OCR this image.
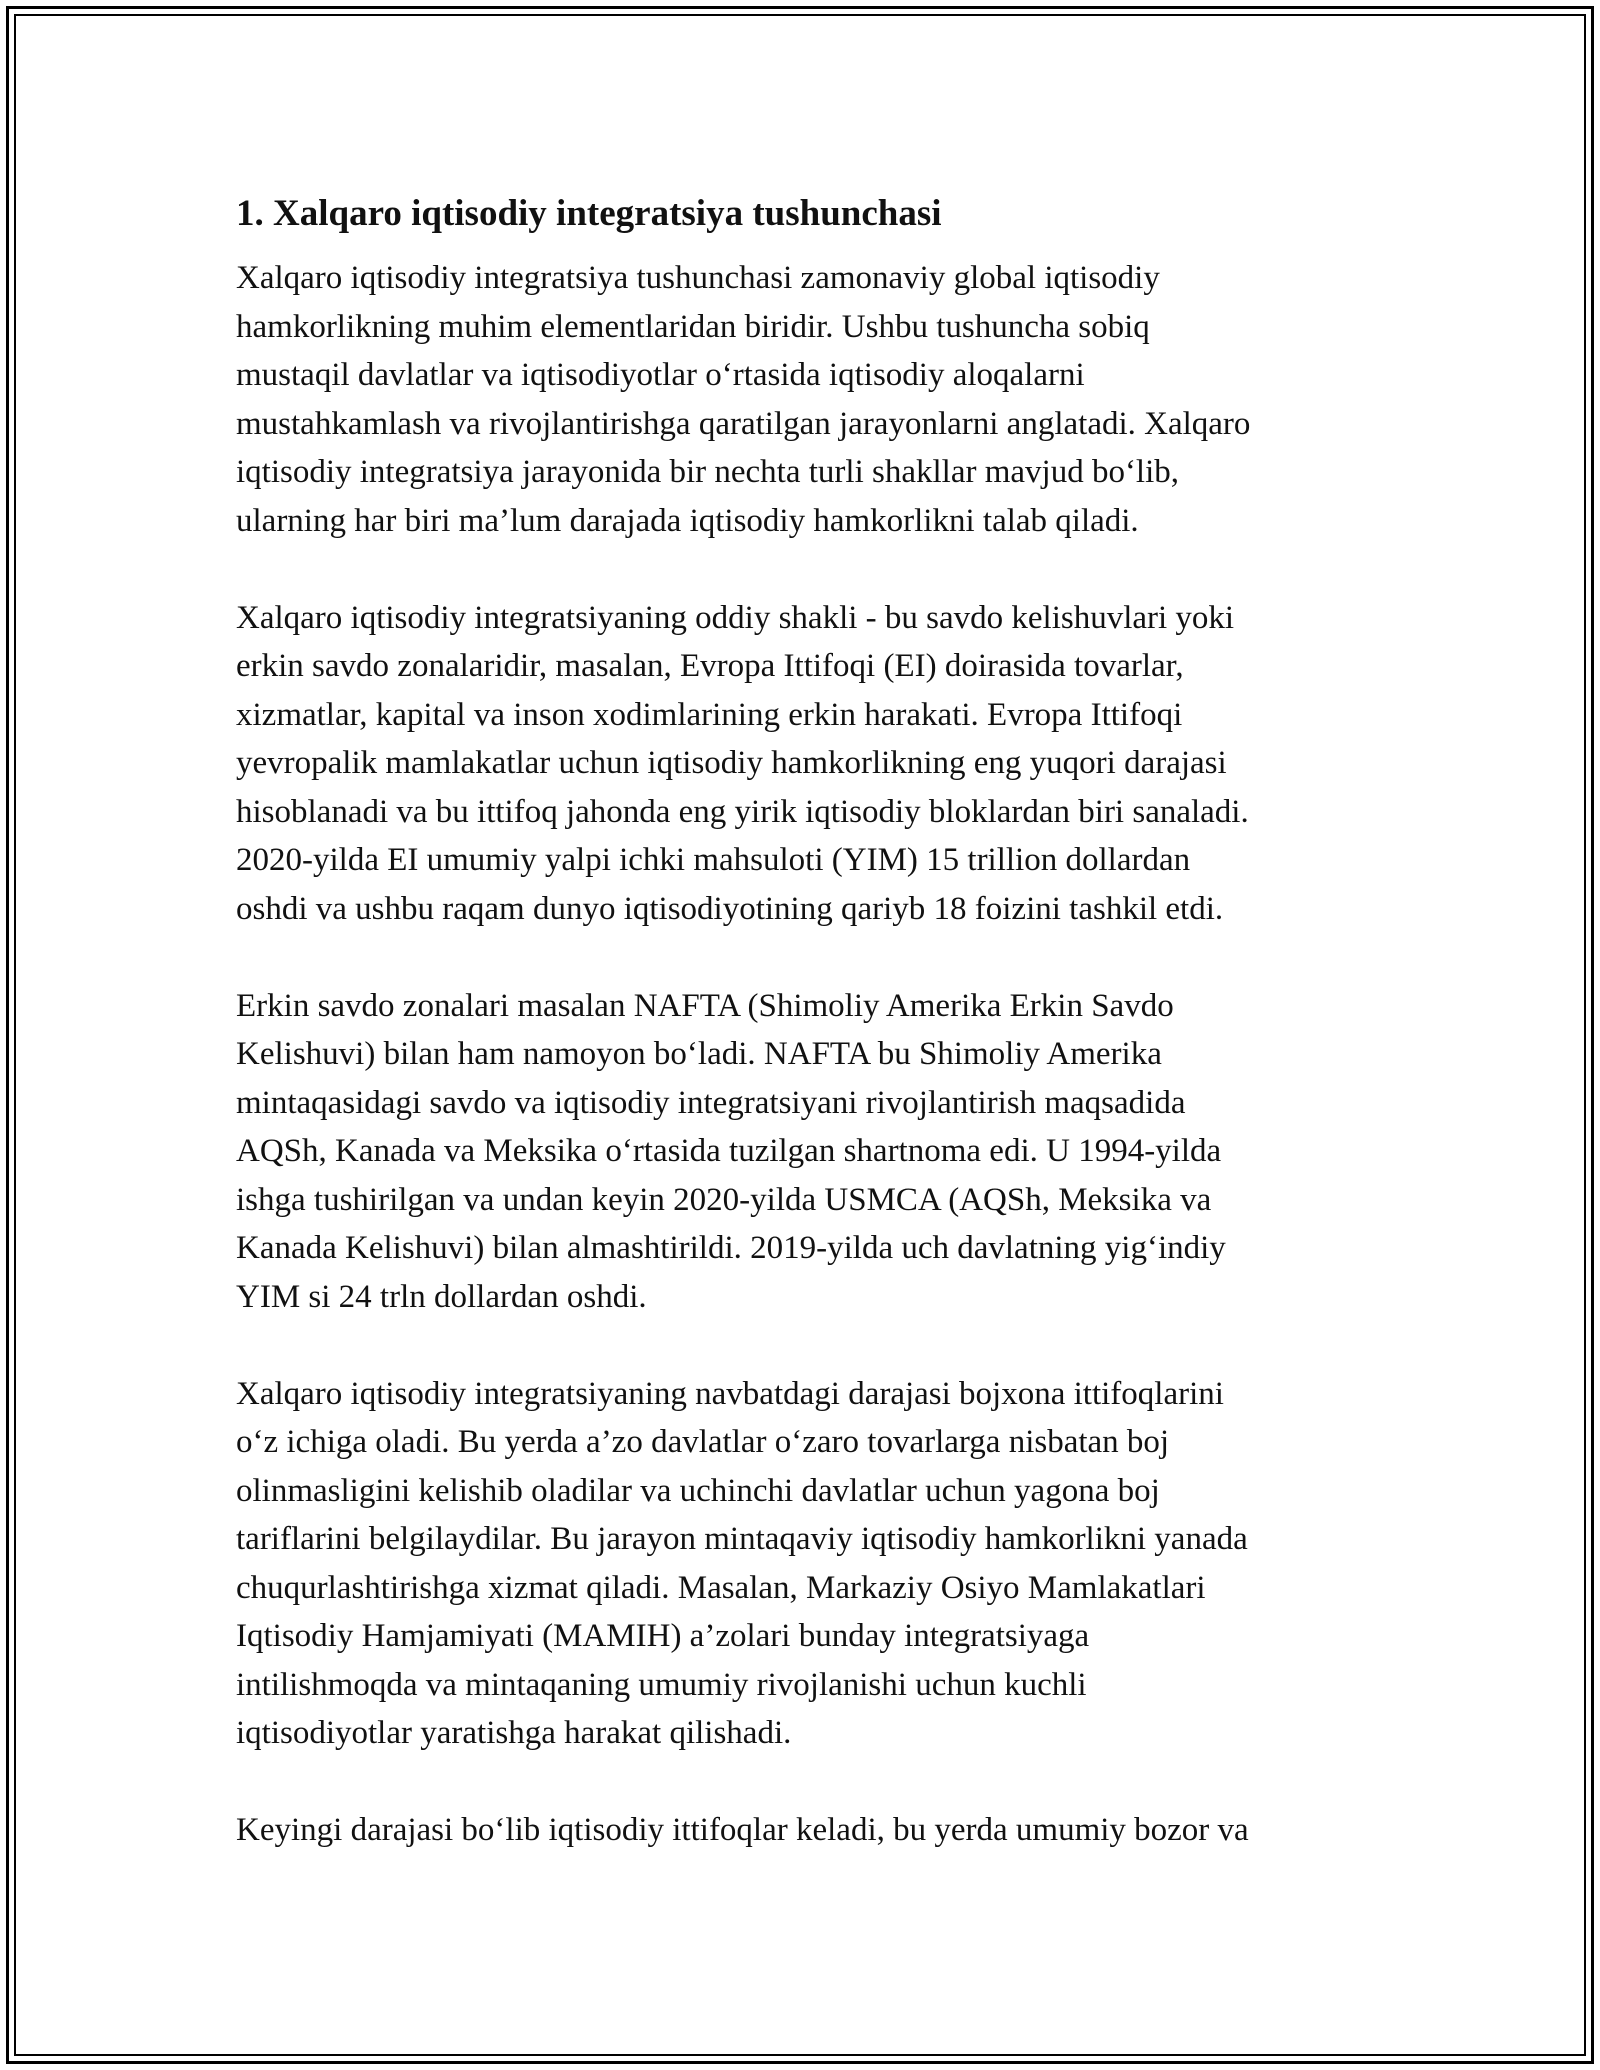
1. Xalqaro iqtisodiy integratsiya tushunchasi

Xalqaro iqtisodiy integratsiya tushunchasi zamonaviy global iqtisodiy
hamkorlikning muhim elementlaridan biridir. Ushbu tushuncha sobiq
mustaqil davlatlar va iqtisodiyotlar o‘rtasida iqtisodiy aloqalarni
mustahkamlash va rivojlantirishga qaratilgan jarayonlarni anglatadi. Xalqaro
iqtisodiy integratsiya jarayonida bir nechta turli shakllar mavjud bo‘lib,
ularning har biri ma’lum darajada iqtisodiy hamkorlikni talab qiladi.

Xalqaro iqtisodiy integratsiyaning oddiy shakli - bu savdo kelishuvlari yoki
erkin savdo zonalaridir, masalan, Evropa Ittifoqi (EI) doirasida tovarlar,
xizmatlar, kapital va inson xodimlarining erkin harakati. Evropa Ittifoqi
yevropalik mamlakatlar uchun iqtisodiy hamkorlikning eng yuqori darajasi
hisoblanadi va bu ittifoq jahonda eng yirik iqtisodiy bloklardan biri sanaladi.
2020-yilda EI umumiy yalpi ichki mahsuloti (YIM) 15 trillion dollardan
oshdi va ushbu raqam dunyo iqtisodiyotining qariyb 18 foizini tashkil etdi.

Erkin savdo zonalari masalan NAFTA (Shimoliy Amerika Erkin Savdo
Kelishuvi) bilan ham namoyon bo‘ladi. NAFTA bu Shimoliy Amerika
mintaqasidagi savdo va iqtisodiy integratsiyani rivojlantirish maqsadida
AQSh, Kanada va Meksika o‘rtasida tuzilgan shartnoma edi. U 1994-yilda
ishga tushirilgan va undan keyin 2020-yilda USMCA (AQSh, Meksika va
Kanada Kelishuvi) bilan almashtirildi. 2019-yilda uch davlatning yig‘indiy
YIM si 24 trln dollardan oshdi.

Xalqaro iqtisodiy integratsiyaning navbatdagi darajasi bojxona ittifoqlarini
o‘z ichiga oladi. Bu yerda a’zo davlatlar o‘zaro tovarlarga nisbatan boj
olinmasligini kelishib oladilar va uchinchi davlatlar uchun yagona boj
tariflarini belgilaydilar. Bu jarayon mintaqaviy iqtisodiy hamkorlikni yanada
chuqurlashtirishga xizmat qiladi. Masalan, Markaziy Osiyo Mamlakatlari
Iqtisodiy Hamjamiyati (MAMIH) a’zolari bunday integratsiyaga
intilishmoqda va mintaqaning umumiy rivojlanishi uchun kuchli
iqtisodiyotlar yaratishga harakat qilishadi.

Keyingi darajasi bo‘lib iqtisodiy ittifoqlar keladi, bu yerda umumiy bozor va
